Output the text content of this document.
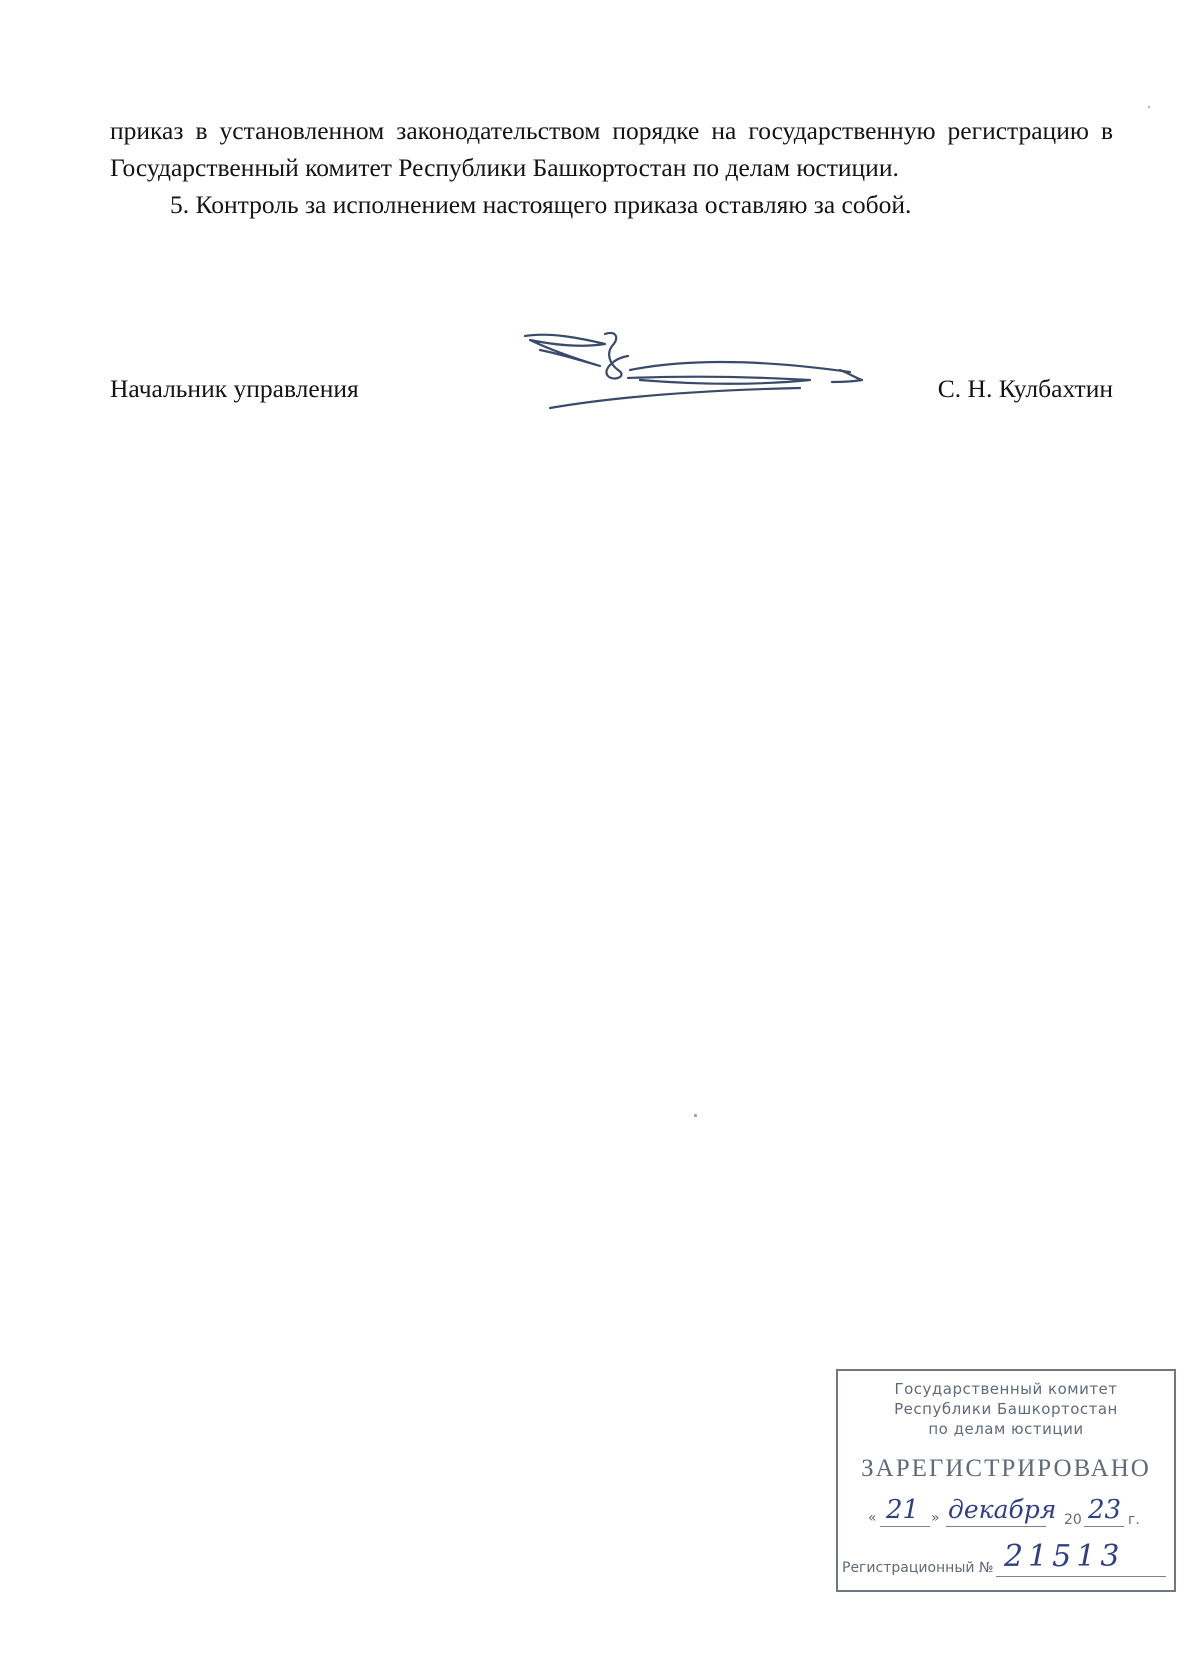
приказ в установленном законодательством порядке на государственную регистрацию в Государственный комитет Республики Башкортостан по делам юстиции.

5. Контроль за исполнением настоящего приказа оставляю за собой.

Начальник управления	С. Н. Кулбахтин
Государственный комитет
Республики Башкортостан
по делам юстиции
ЗАРЕГИСТРИРОВАНО
« 21 » декабря 20 23 г.
Регистрационный № 21513
